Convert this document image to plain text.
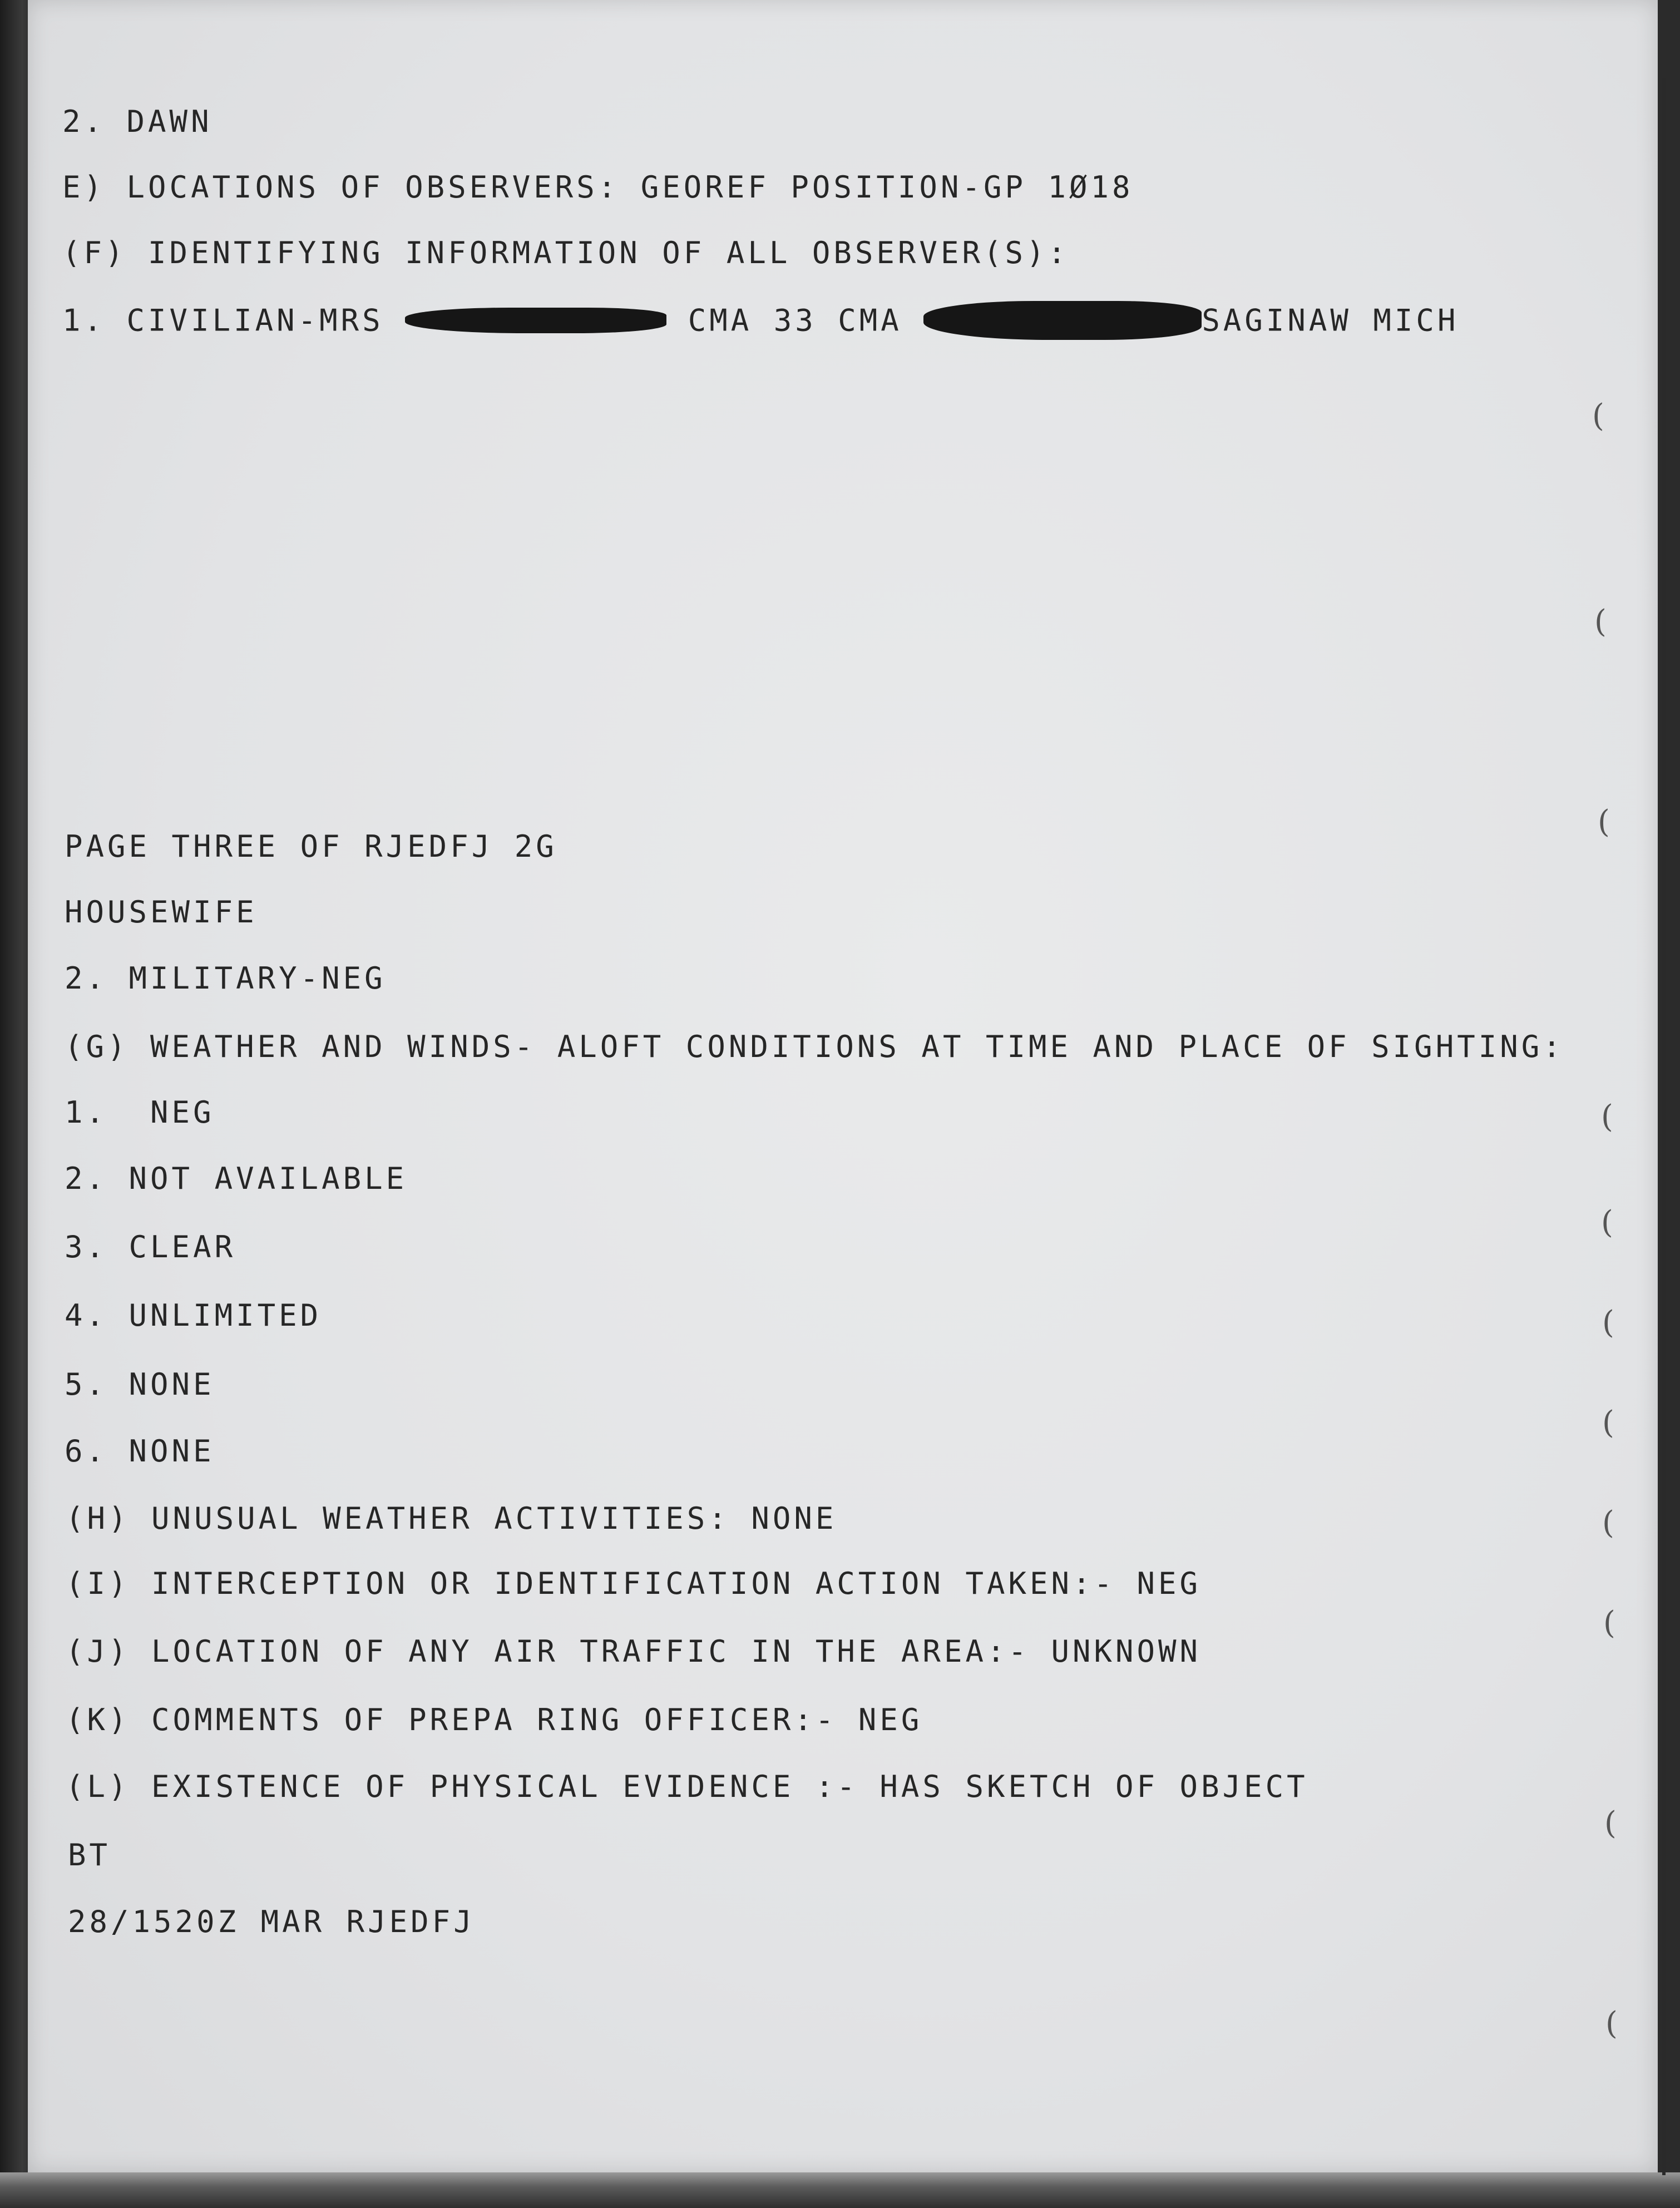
(
(
(
(
(
(
(
(
(
(
(
2. DAWN
E) LOCATIONS OF OBSERVERS: GEOREF POSITION-GP 1Ø18
(F) IDENTIFYING INFORMATION OF ALL OBSERVER(S):
1. CIVILIAN-MRS	CMA 33 CMA	SAGINAW MICH
PAGE THREE OF RJEDFJ 2G
HOUSEWIFE
2. MILITARY-NEG
(G) WEATHER AND WINDS- ALOFT CONDITIONS AT TIME AND PLACE OF SIGHTING:
1.  NEG
2. NOT AVAILABLE
3. CLEAR
4. UNLIMITED
5. NONE
6. NONE
(H) UNUSUAL WEATHER ACTIVITIES: NONE
(I) INTERCEPTION OR IDENTIFICATION ACTION TAKEN:- NEG
(J) LOCATION OF ANY AIR TRAFFIC IN THE AREA:- UNKNOWN
(K) COMMENTS OF PREPA RING OFFICER:- NEG
(L) EXISTENCE OF PHYSICAL EVIDENCE :- HAS SKETCH OF OBJECT
BT
28/1520Z MAR RJEDFJ
